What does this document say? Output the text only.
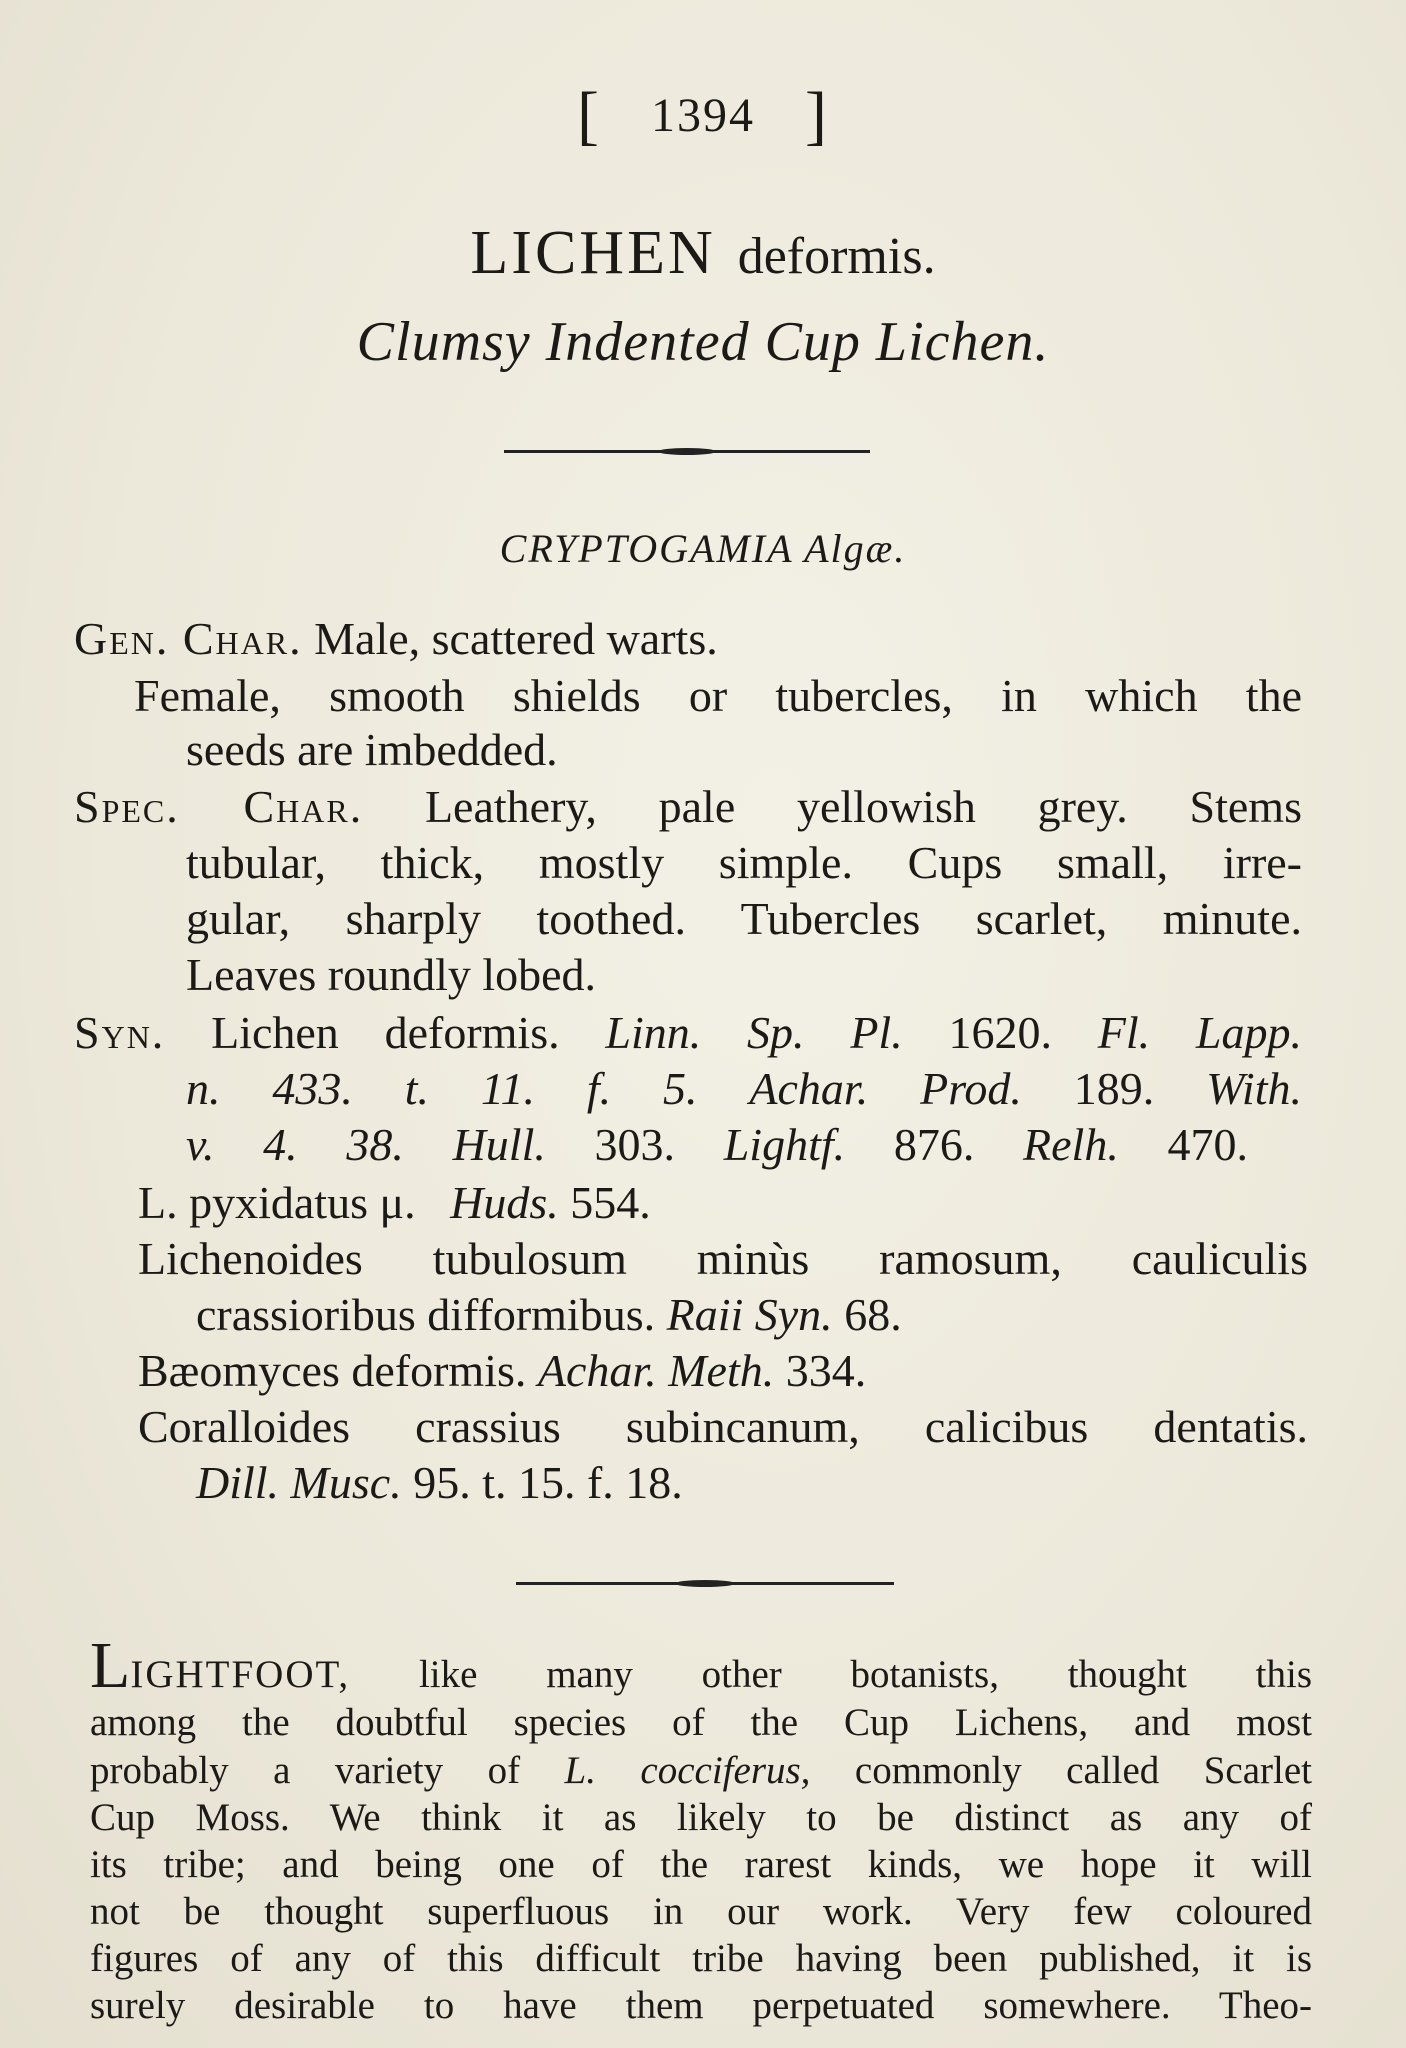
[ 1394 ]
LICHEN deformis.
Clumsy Indented Cup Lichen.
CRYPTOGAMIA Algæ.
Gen. Char. Male, scattered warts.
Female, smooth shields or tubercles, in which the
seeds are imbedded.
Spec. Char. Leathery, pale yellowish grey. Stems
tubular, thick, mostly simple. Cups small, irre-
gular, sharply toothed. Tubercles scarlet, minute.
Leaves roundly lobed.
Syn. Lichen deformis. Linn. Sp. Pl. 1620. Fl. Lapp.
n. 433. t. 11. f. 5. Achar. Prod. 189. With.
v. 4. 38. Hull. 303. Lightf. 876. Relh. 470.
L. pyxidatus μ. Huds. 554.
Lichenoides tubulosum minùs ramosum, cauliculis
crassioribus difformibus. Raii Syn. 68.
Bæomyces deformis. Achar. Meth. 334.
Coralloides crassius subincanum, calicibus dentatis.
Dill. Musc. 95. t. 15. f. 18.
LIGHTFOOT, like many other botanists, thought this
among the doubtful species of the Cup Lichens, and most
probably a variety of L. cocciferus, commonly called Scarlet
Cup Moss. We think it as likely to be distinct as any of
its tribe; and being one of the rarest kinds, we hope it will
not be thought superfluous in our work. Very few coloured
figures of any of this difficult tribe having been published, it is
surely desirable to have them perpetuated somewhere. Theo-
